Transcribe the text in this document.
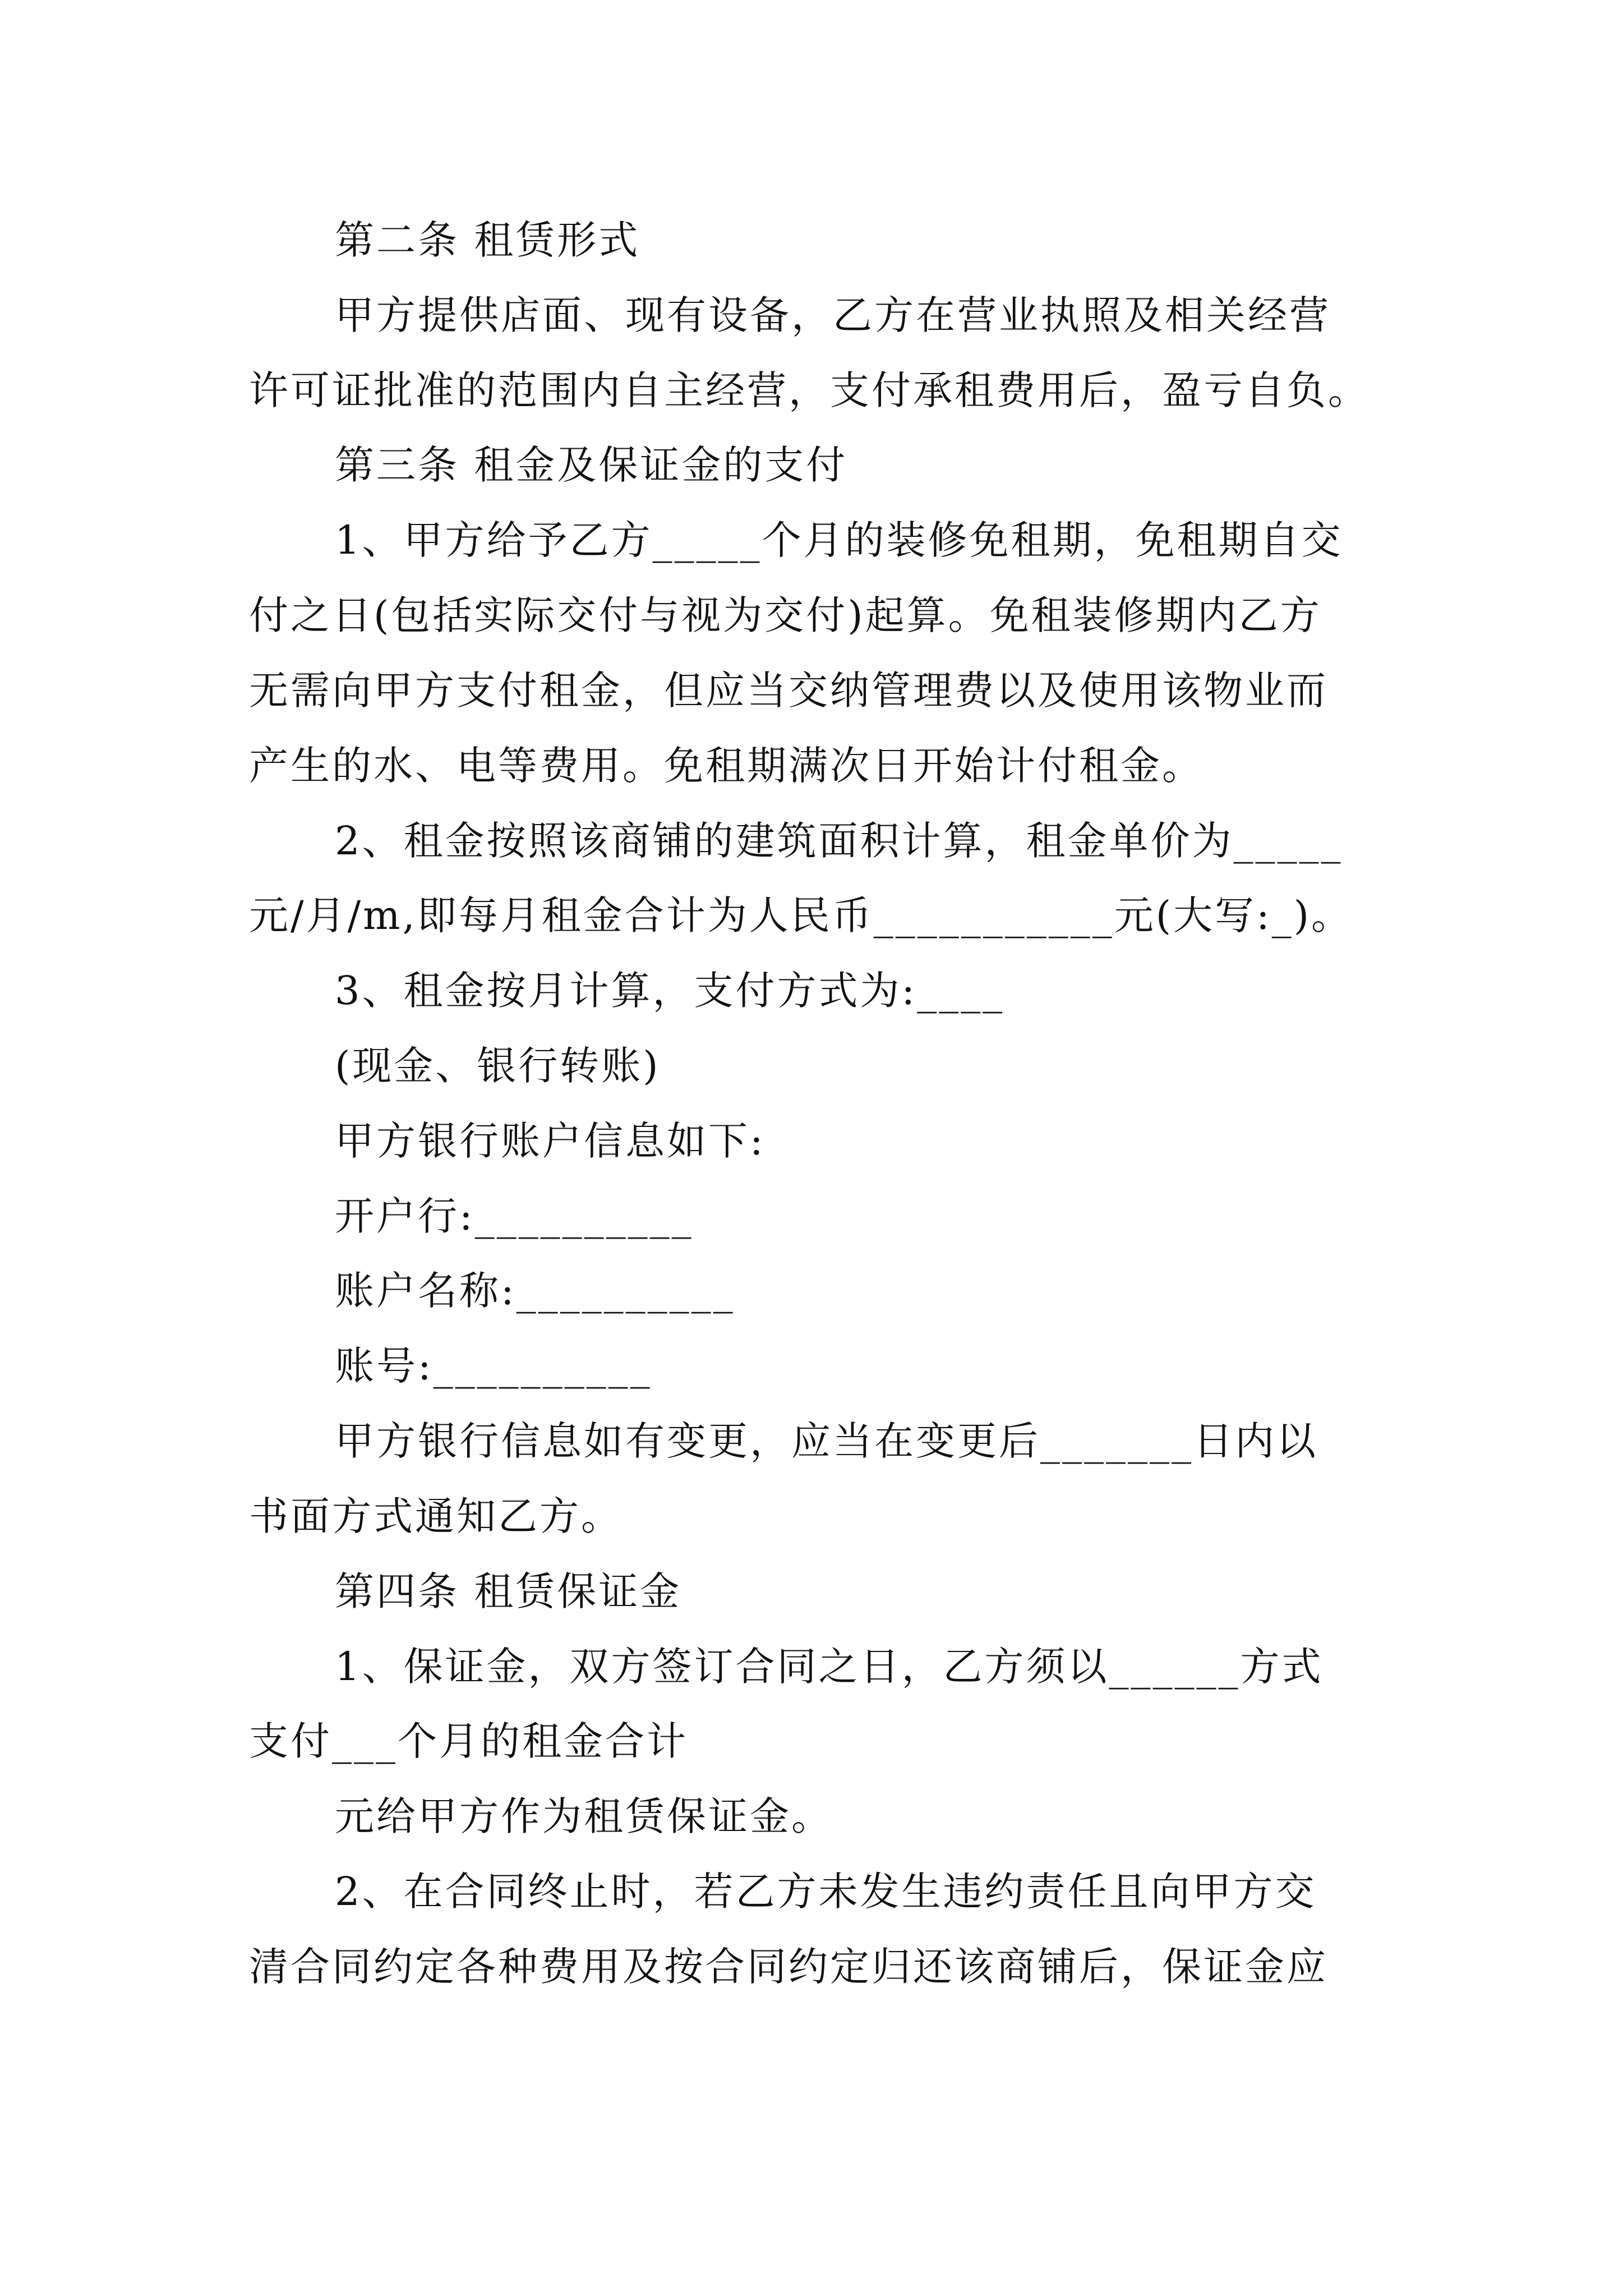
第二条 租赁形式
甲方提供店面、现有设备，乙方在营业执照及相关经营
许可证批准的范围内自主经营，支付承租费用后，盈亏自负。
第三条 租金及保证金的支付
1、甲方给予乙方_____个月的装修免租期，免租期自交
付之日(包括实际交付与视为交付)起算。免租装修期内乙方
无需向甲方支付租金，但应当交纳管理费以及使用该物业而
产生的水、电等费用。免租期满次日开始计付租金。
2、租金按照该商铺的建筑面积计算，租金单价为_____
元/月/m,即每月租金合计为人民币___________元(大写:_)。
3、租金按月计算，支付方式为:____
(现金、银行转账)
甲方银行账户信息如下:
开户行:__________
账户名称:__________
账号:__________
甲方银行信息如有变更，应当在变更后_______日内以
书面方式通知乙方。
第四条 租赁保证金
1、保证金，双方签订合同之日，乙方须以______方式
支付___个月的租金合计
元给甲方作为租赁保证金。
2、在合同终止时，若乙方未发生违约责任且向甲方交
清合同约定各种费用及按合同约定归还该商铺后，保证金应
